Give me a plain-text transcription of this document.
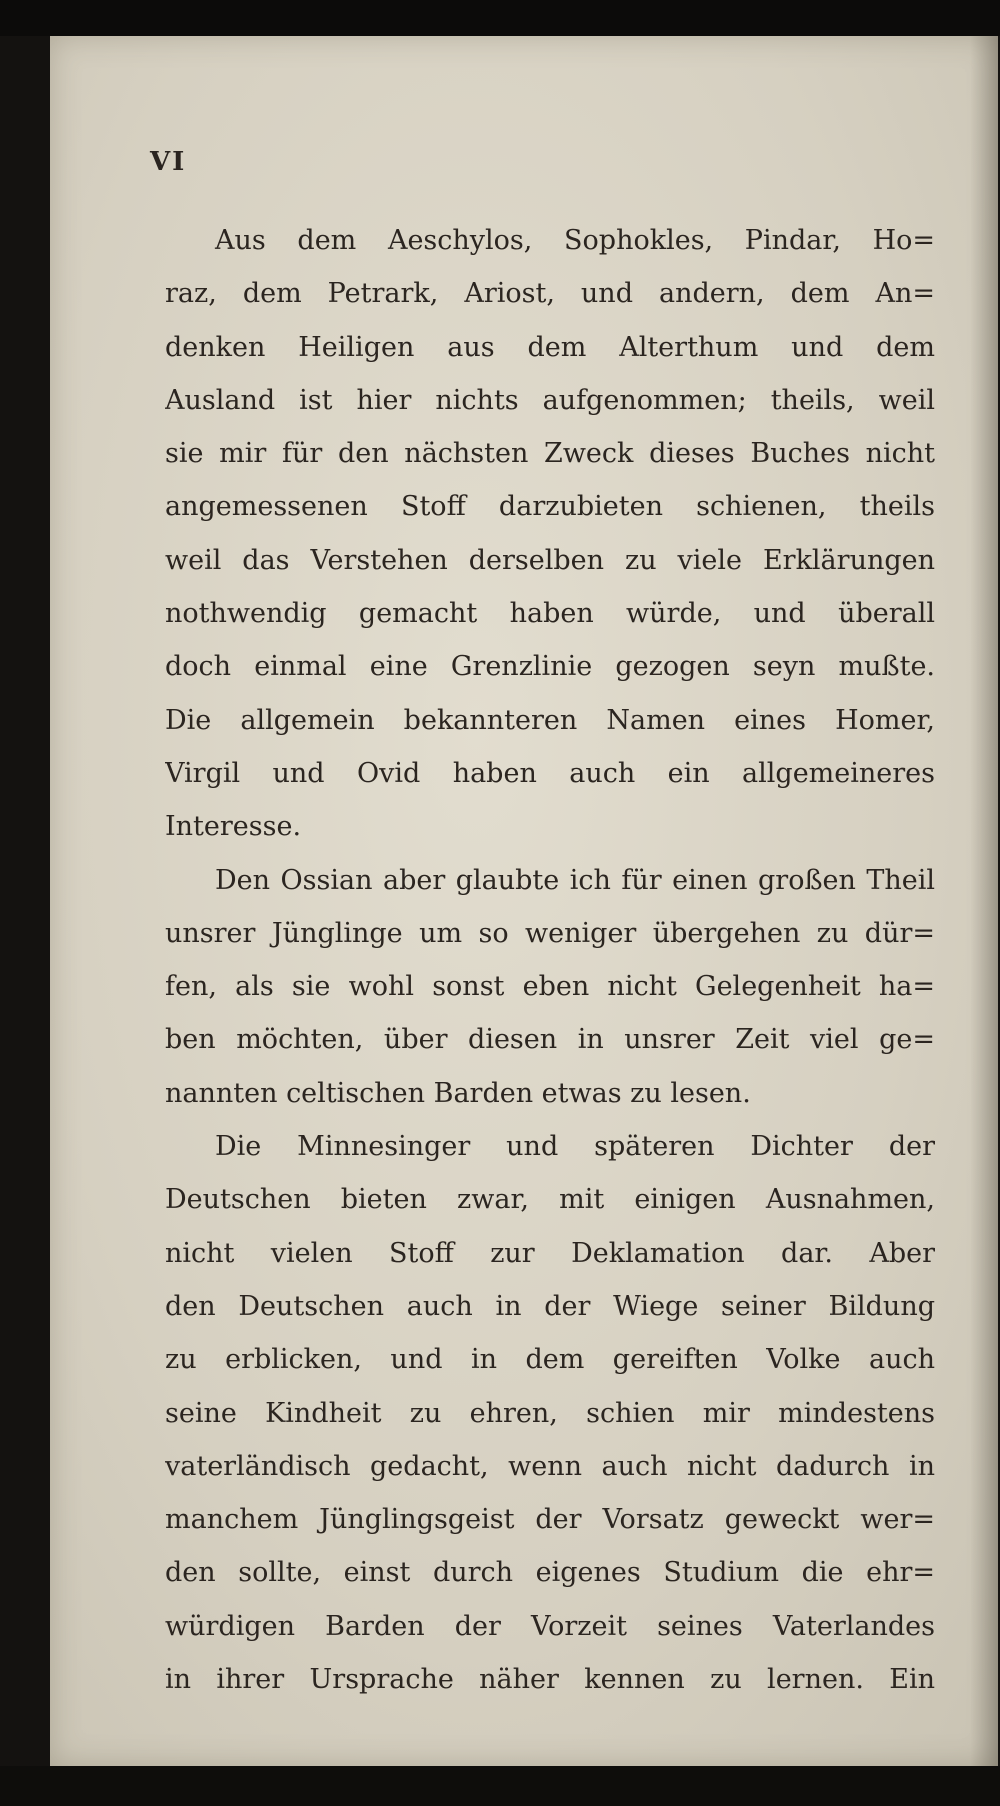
VI
Aus dem Aeschylos, Sophokles, Pindar, Ho=
raz, dem Petrark, Ariost, und andern, dem An=
denken Heiligen aus dem Alterthum und dem
Ausland ist hier nichts aufgenommen; theils, weil
sie mir für den nächsten Zweck dieses Buches nicht
angemessenen Stoff darzubieten schienen, theils
weil das Verstehen derselben zu viele Erklärungen
nothwendig gemacht haben würde, und überall
doch einmal eine Grenzlinie gezogen seyn mußte.
Die allgemein bekannteren Namen eines Homer,
Virgil und Ovid haben auch ein allgemeineres
Interesse.
Den Ossian aber glaubte ich für einen großen Theil
unsrer Jünglinge um so weniger übergehen zu dür=
fen, als sie wohl sonst eben nicht Gelegenheit ha=
ben möchten, über diesen in unsrer Zeit viel ge=
nannten celtischen Barden etwas zu lesen.
Die Minnesinger und späteren Dichter der
Deutschen bieten zwar, mit einigen Ausnahmen,
nicht vielen Stoff zur Deklamation dar. Aber
den Deutschen auch in der Wiege seiner Bildung
zu erblicken, und in dem gereiften Volke auch
seine Kindheit zu ehren, schien mir mindestens
vaterländisch gedacht, wenn auch nicht dadurch in
manchem Jünglingsgeist der Vorsatz geweckt wer=
den sollte, einst durch eigenes Studium die ehr=
würdigen Barden der Vorzeit seines Vaterlandes
in ihrer Ursprache näher kennen zu lernen. Ein
